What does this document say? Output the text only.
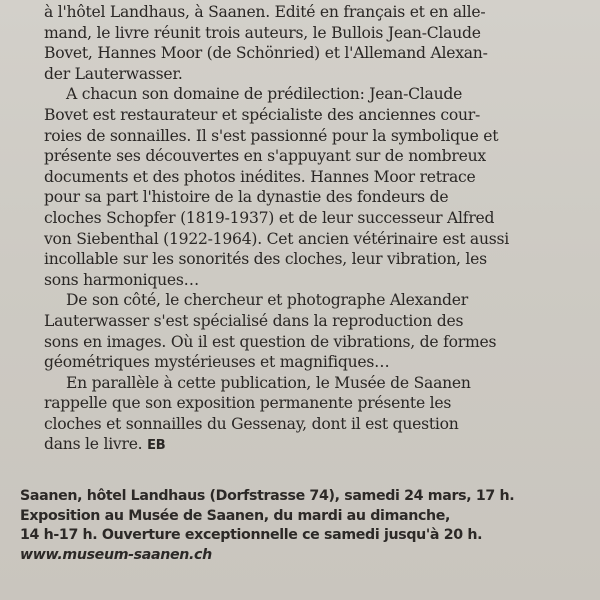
à l'hôtel Landhaus, à Saanen. Edité en français et en alle-
mand, le livre réunit trois auteurs, le Bullois Jean-Claude
Bovet, Hannes Moor (de Schönried) et l'Allemand Alexan-
der Lauterwasser.
A chacun son domaine de prédilection: Jean-Claude
Bovet est restaurateur et spécialiste des anciennes cour-
roies de sonnailles. Il s'est passionné pour la symbolique et
présente ses découvertes en s'appuyant sur de nombreux
documents et des photos inédites. Hannes Moor retrace
pour sa part l'histoire de la dynastie des fondeurs de
cloches Schopfer (1819-1937) et de leur successeur Alfred
von Siebenthal (1922-1964). Cet ancien vétérinaire est aussi
incollable sur les sonorités des cloches, leur vibration, les
sons harmoniques…
De son côté, le chercheur et photographe Alexander
Lauterwasser s'est spécialisé dans la reproduction des
sons en images. Où il est question de vibrations, de formes
géométriques mystérieuses et magnifiques…
En parallèle à cette publication, le Musée de Saanen
rappelle que son exposition permanente présente les
cloches et sonnailles du Gessenay, dont il est question
dans le livre. EB
Saanen, hôtel Landhaus (Dorfstrasse 74), samedi 24 mars, 17 h.
Exposition au Musée de Saanen, du mardi au dimanche,
14 h-17 h. Ouverture exceptionnelle ce samedi jusqu'à 20 h.
www.museum-saanen.ch
